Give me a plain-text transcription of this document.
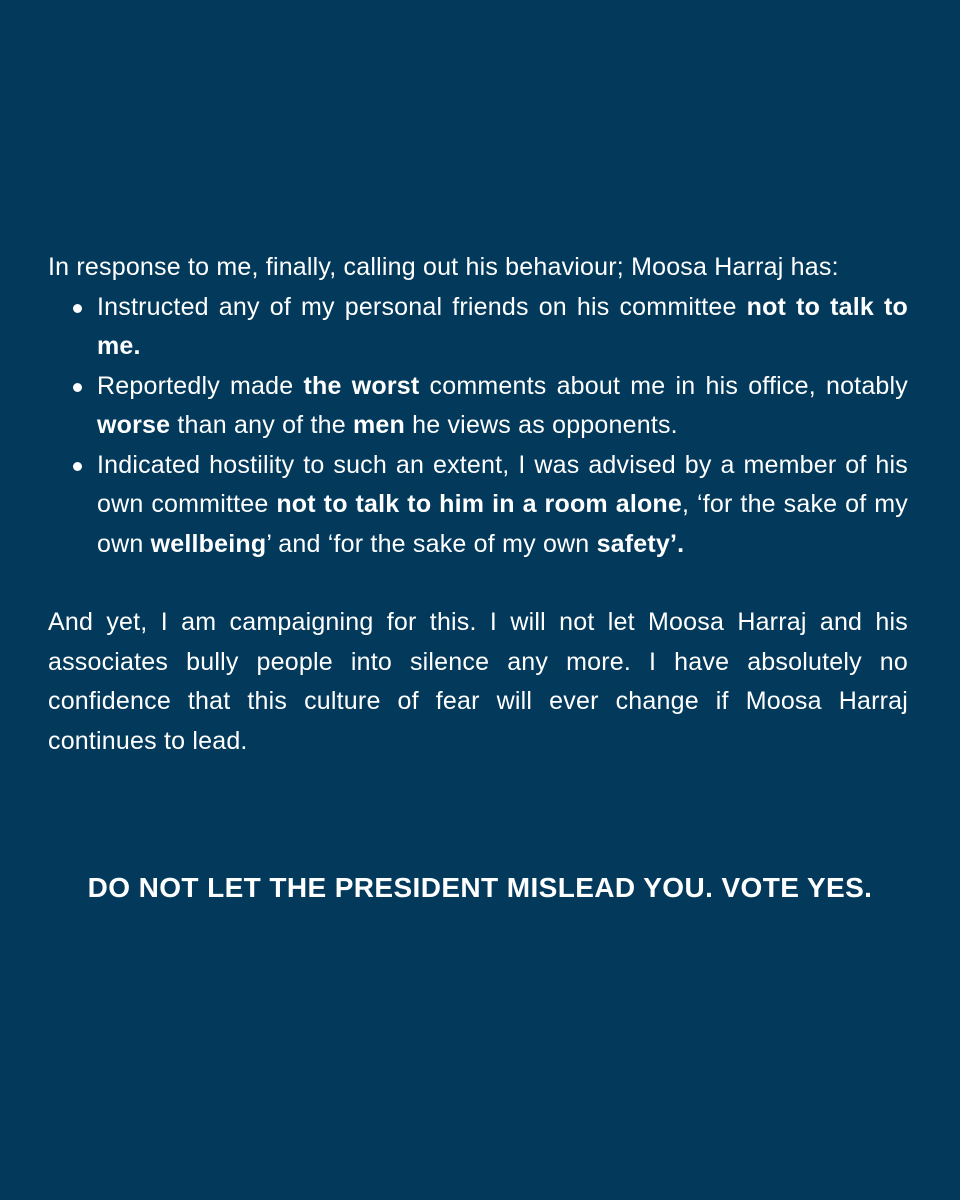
In response to me, finally, calling out his behaviour; Moosa Harraj has:

Instructed any of my personal friends on his committee not to talk to me.
Reportedly made the worst comments about me in his office, notably worse than any of the men he views as opponents.
Indicated hostility to such an extent, I was advised by a member of his own committee not to talk to him in a room alone, ‘for the sake of my own wellbeing’ and ‘for the sake of my own safety’.

And yet, I am campaigning for this. I will not let Moosa Harraj and his associates bully people into silence any more. I have absolutely no confidence that this culture of fear will ever change if Moosa Harraj continues to lead.

DO NOT LET THE PRESIDENT MISLEAD YOU. VOTE YES.
